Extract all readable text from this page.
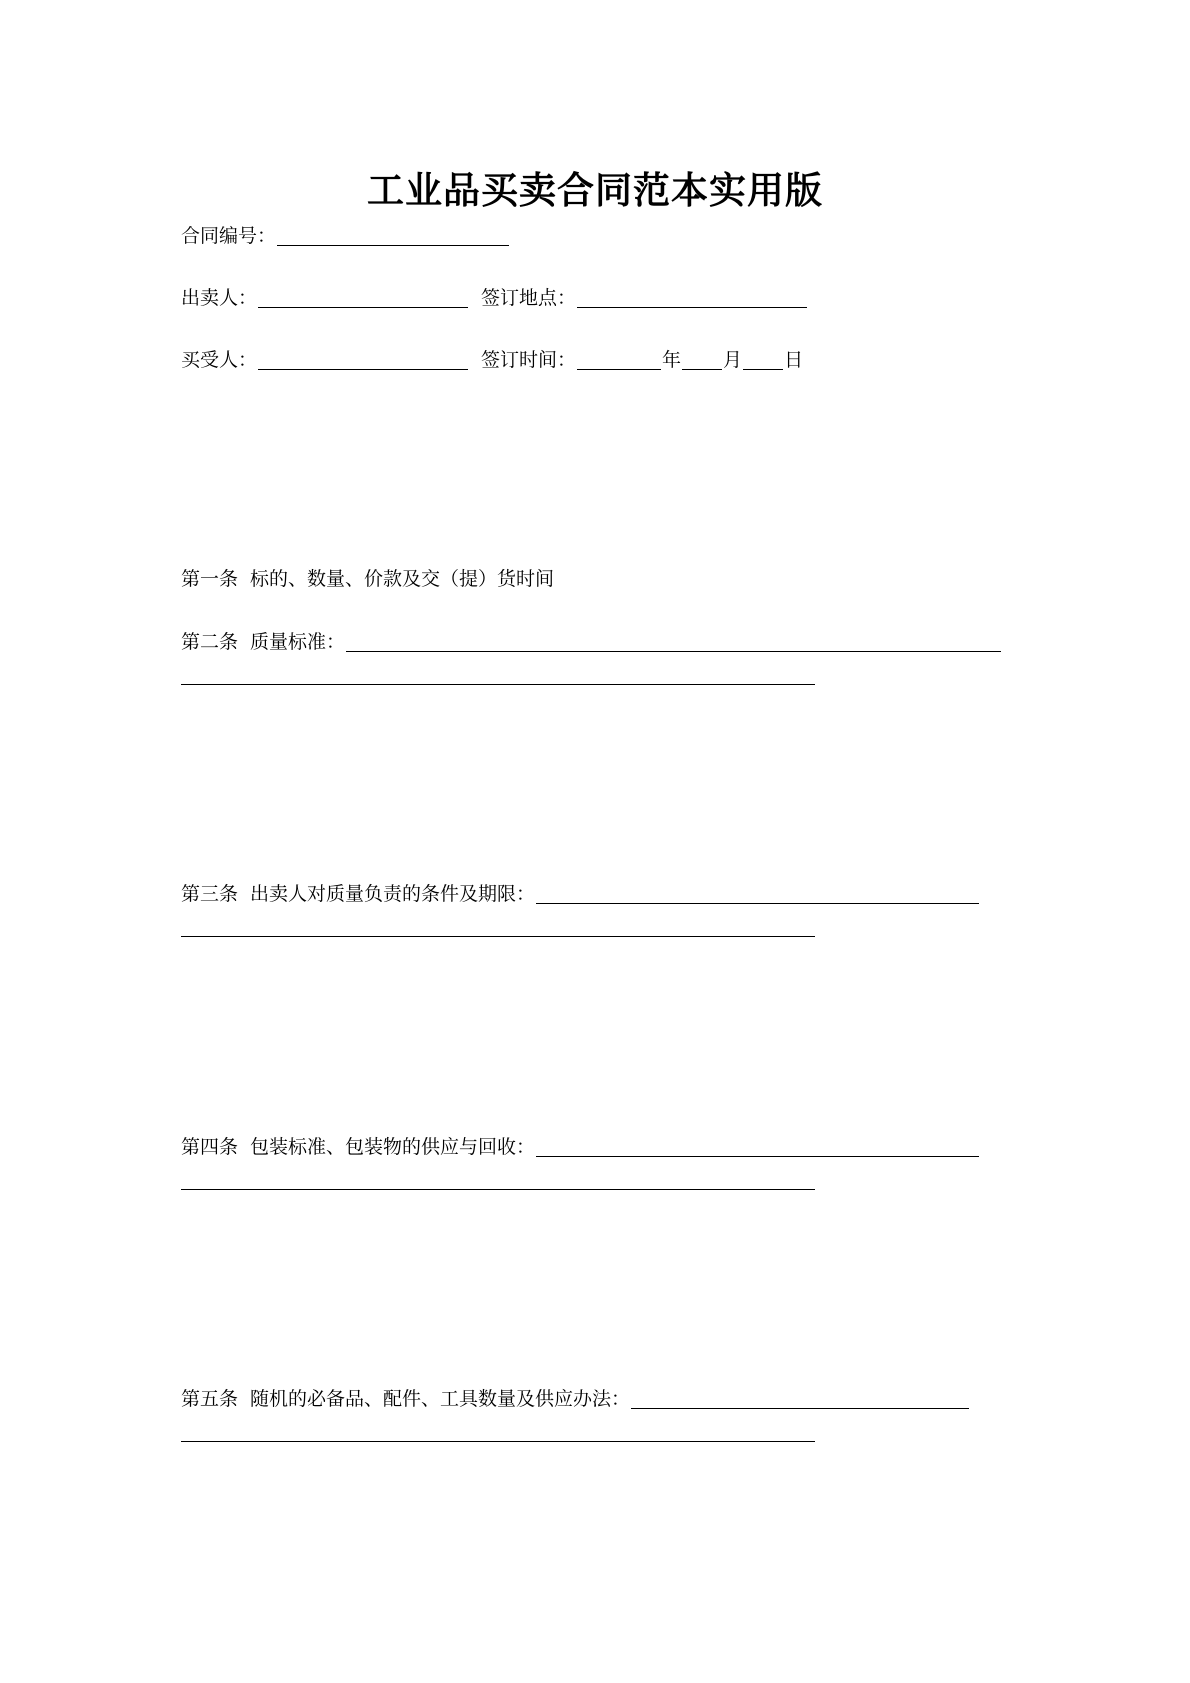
工业品买卖合同范本实用版
合同编号：
出卖人：	签订地点：
买受人：	签订时间：	年 月 日
第一条 标的、数量、价款及交（提）货时间
第二条 质量标准：
第三条 出卖人对质量负责的条件及期限：
第四条 包装标准、包装物的供应与回收：
第五条 随机的必备品、配件、工具数量及供应办法：
